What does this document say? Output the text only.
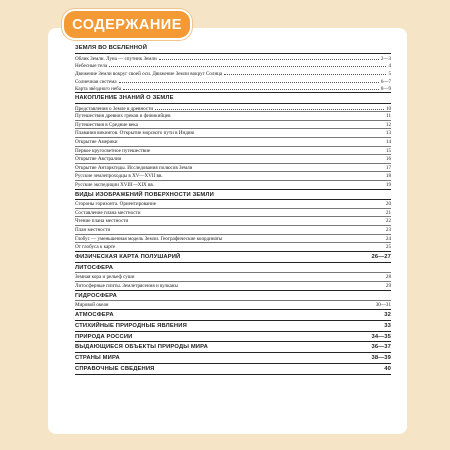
СОДЕРЖАНИЕ
ЗЕМЛЯ ВО ВСЕЛЕННОЙ
Облик Земли. Луна — спутник Земли	2—3
Небесные тела	4
Движение Земли вокруг своей оси. Движение Земли вокруг Солнца	5
Солнечная система	6—7
Карта звёздного неба	8—9
НАКОПЛЕНИЕ ЗНАНИЙ О ЗЕМЛЕ
Представления о Земле в древности	10
Путешествия древних греков и финикийцев	11
Путешествия в Средние века	12
Плавания викингов. Открытие морского пути в Индию	13
Открытие Америки	14
Первое кругосветное путешествие	15
Открытие Австралии	16
Открытие Антарктиды. Исследования полюсов Земли	17
Русские землепроходцы в XV—XVII вв.	18
Русские экспедиции XVIII—XIX вв.	19
ВИДЫ ИЗОБРАЖЕНИЙ ПОВЕРХНОСТИ ЗЕМЛИ
Стороны горизонта. Ориентирование	20
Составление плана местности	21
Чтение плана местности	22
План местности	23
Глобус — уменьшенная модель Земли. Географические координаты	24
От глобуса к карте	25
ФИЗИЧЕСКАЯ КАРТА ПОЛУШАРИЙ	26—27
ЛИТОСФЕРА
Земная кора и рельеф суши	28
Литосферные плиты. Землетрясения и вулканы	29
ГИДРОСФЕРА
Мировой океан	30—31
АТМОСФЕРА	32
СТИХИЙНЫЕ ПРИРОДНЫЕ ЯВЛЕНИЯ	33
ПРИРОДА РОССИИ	34—35
ВЫДАЮЩИЕСЯ ОБЪЕКТЫ ПРИРОДЫ МИРА	36—37
СТРАНЫ МИРА	38—39
СПРАВОЧНЫЕ СВЕДЕНИЯ	40
